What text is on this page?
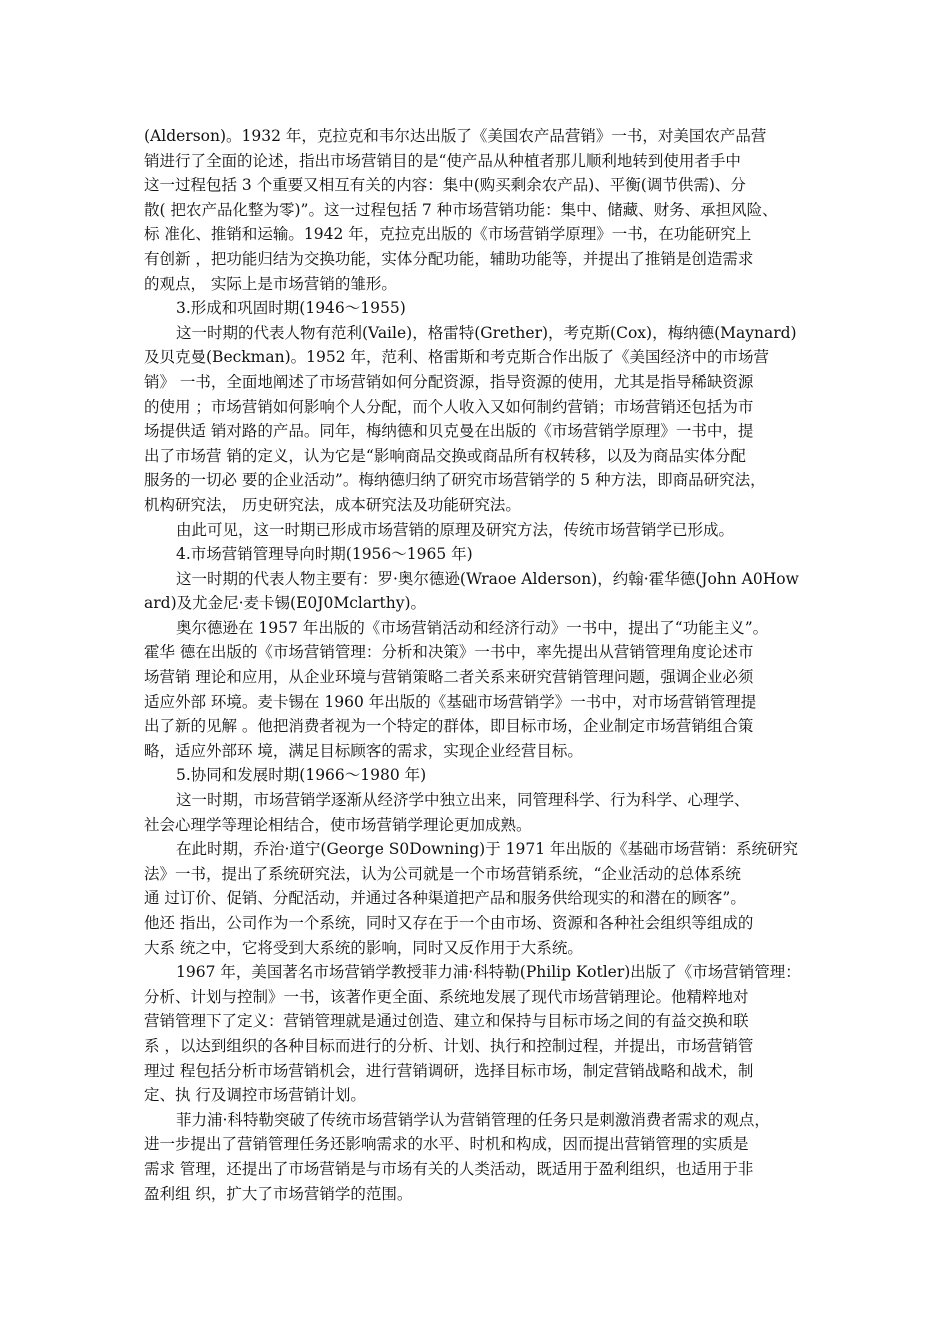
(Alderson)。1932 年，克拉克和韦尔达出版了《美国农产品营销》一书，对美国农产品营
销进行了全面的论述，指出市场营销目的是“使产品从种植者那儿顺利地转到使用者手中
这一过程包括 3 个重要又相互有关的内容：集中(购买剩余农产品)、平衡(调节供需)、分
散( 把农产品化整为零)”。这一过程包括 7 种市场营销功能：集中、储藏、财务、承担风险、
标 准化、推销和运输。1942 年，克拉克出版的《市场营销学原理》一书，在功能研究上
有创新 ，把功能归结为交换功能，实体分配功能，辅助功能等，并提出了推销是创造需求
的观点， 实际上是市场营销的雏形。
3.形成和巩固时期(1946～1955)
这一时期的代表人物有范利(Vaile)，格雷特(Grether)，考克斯(Cox)，梅纳德(Maynard)
及贝克曼(Beckman)。1952 年，范利、格雷斯和考克斯合作出版了《美国经济中的市场营
销》 一书，全面地阐述了市场营销如何分配资源，指导资源的使用，尤其是指导稀缺资源
的使用 ；市场营销如何影响个人分配，而个人收入又如何制约营销；市场营销还包括为市
场提供适 销对路的产品。同年，梅纳德和贝克曼在出版的《市场营销学原理》一书中，提
出了市场营 销的定义，认为它是“影响商品交换或商品所有权转移，以及为商品实体分配
服务的一切必 要的企业活动”。梅纳德归纳了研究市场营销学的 5 种方法，即商品研究法，
机构研究法， 历史研究法，成本研究法及功能研究法。
由此可见，这一时期已形成市场营销的原理及研究方法，传统市场营销学已形成。
4.市场营销管理导向时期(1956～1965 年)
这一时期的代表人物主要有：罗·奥尔德逊(Wraoe Alderson)，约翰·霍华德(John A0How
ard)及尤金尼·麦卡锡(E0J0Mclarthy)。
奥尔德逊在 1957 年出版的《市场营销活动和经济行动》一书中，提出了“功能主义”。
霍华 德在出版的《市场营销管理：分析和决策》一书中，率先提出从营销管理角度论述市
场营销 理论和应用，从企业环境与营销策略二者关系来研究营销管理问题，强调企业必须
适应外部 环境。麦卡锡在 1960 年出版的《基础市场营销学》一书中，对市场营销管理提
出了新的见解 。他把消费者视为一个特定的群体，即目标市场，企业制定市场营销组合策
略，适应外部环 境，满足目标顾客的需求，实现企业经营目标。
5.协同和发展时期(1966～1980 年)
这一时期，市场营销学逐渐从经济学中独立出来，同管理科学、行为科学、心理学、
社会心理学等理论相结合，使市场营销学理论更加成熟。
在此时期，乔治·道宁(George S0Downing)于 1971 年出版的《基础市场营销：系统研究
法》一书，提出了系统研究法，认为公司就是一个市场营销系统，“企业活动的总体系统
通 过订价、促销、分配活动，并通过各种渠道把产品和服务供给现实的和潜在的顾客”。
他还 指出，公司作为一个系统，同时又存在于一个由市场、资源和各种社会组织等组成的
大系 统之中，它将受到大系统的影响，同时又反作用于大系统。
1967 年，美国著名市场营销学教授菲力浦·科特勒(Philip Kotler)出版了《市场营销管理：
分析、计划与控制》一书，该著作更全面、系统地发展了现代市场营销理论。他精粹地对
营销管理下了定义：营销管理就是通过创造、建立和保持与目标市场之间的有益交换和联
系 ，以达到组织的各种目标而进行的分析、计划、执行和控制过程，并提出，市场营销管
理过 程包括分析市场营销机会，进行营销调研，选择目标市场，制定营销战略和战术，制
定、执 行及调控市场营销计划。
菲力浦·科特勒突破了传统市场营销学认为营销管理的任务只是刺激消费者需求的观点，
进一步提出了营销管理任务还影响需求的水平、时机和构成，因而提出营销管理的实质是
需求 管理，还提出了市场营销是与市场有关的人类活动，既适用于盈利组织，也适用于非
盈利组 织，扩大了市场营销学的范围。
